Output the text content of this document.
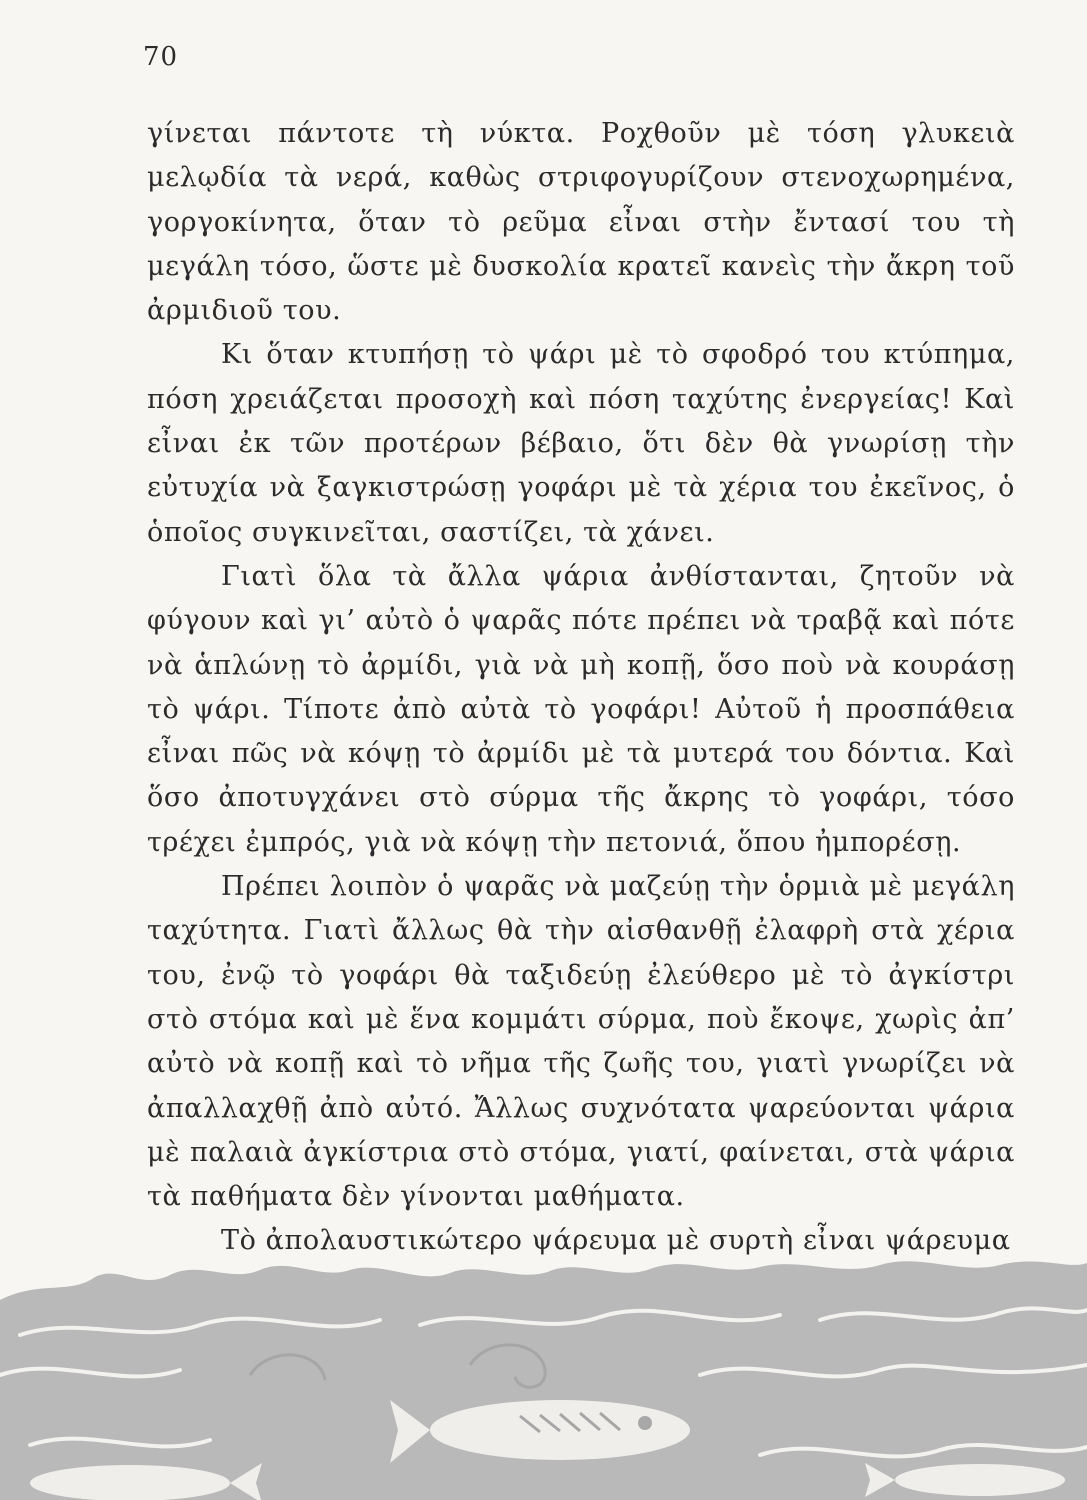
70

γίνεται πάντοτε τὴ νύκτα. Ροχθοῦν μὲ τόση γλυκειὰ μελῳδία τὰ νερά, καθὼς στριφογυρίζουν στενοχωρημένα, γοργοκίνητα, ὅταν τὸ ρεῦμα εἶναι στὴν ἔντασί του τὴ μεγάλη τόσο, ὥστε μὲ δυσκολία κρατεῖ κανεὶς τὴν ἄκρη τοῦ ἀρμιδιοῦ του.

Κι ὅταν κτυπήσῃ τὸ ψάρι μὲ τὸ σφοδρό του κτύπημα, πόση χρειάζεται προσοχὴ καὶ πόση ταχύτης ἐνεργείας! Καὶ εἶναι ἐκ τῶν προτέρων βέβαιο, ὅτι δὲν θὰ γνωρίσῃ τὴν εὐτυχία νὰ ξαγκιστρώσῃ γοφάρι μὲ τὰ χέρια του ἐκεῖνος, ὁ ὁποῖος συγκινεῖται, σαστίζει, τὰ χάνει.

Γιατὶ ὅλα τὰ ἄλλα ψάρια ἀνθίστανται, ζητοῦν νὰ φύγουν καὶ γι’ αὐτὸ ὁ ψαρᾶς πότε πρέπει νὰ τραβᾷ καὶ πότε νὰ ἁπλώνῃ τὸ ἀρμίδι, γιὰ νὰ μὴ κοπῇ, ὅσο ποὺ νὰ κουράσῃ τὸ ψάρι. Τίποτε ἀπὸ αὐτὰ τὸ γοφάρι! Αὐτοῦ ἡ προσπάθεια εἶναι πῶς νὰ κόψῃ τὸ ἀρμίδι μὲ τὰ μυτερά του δόντια. Καὶ ὅσο ἀποτυγχάνει στὸ σύρμα τῆς ἄκρης τὸ γοφάρι, τόσο τρέχει ἐμπρός, γιὰ νὰ κόψῃ τὴν πετονιά, ὅπου ἠμπορέσῃ.

Πρέπει λοιπὸν ὁ ψαρᾶς νὰ μαζεύῃ τὴν ὁρμιὰ μὲ μεγάλη ταχύτητα. Γιατὶ ἄλλως θὰ τὴν αἰσθανθῇ ἐλαφρὴ στὰ χέρια του, ἐνῷ τὸ γοφάρι θὰ ταξιδεύῃ ἐλεύθερο μὲ τὸ ἀγκίστρι στὸ στόμα καὶ μὲ ἕνα κομμάτι σύρμα, ποὺ ἔκοψε, χωρὶς ἀπ’ αὐτὸ νὰ κοπῇ καὶ τὸ νῆμα τῆς ζωῆς του, γιατὶ γνωρίζει νὰ ἀπαλλαχθῇ ἀπὸ αὐτό. Ἄλλως συχνότατα ψαρεύονται ψάρια μὲ παλαιὰ ἀγκίστρια στὸ στόμα, γιατί, φαίνεται, στὰ ψάρια τὰ παθήματα δὲν γίνονται μαθήματα.

Τὸ ἀπολαυστικώτερο ψάρευμα μὲ συρτὴ εἶναι ψάρευμα
